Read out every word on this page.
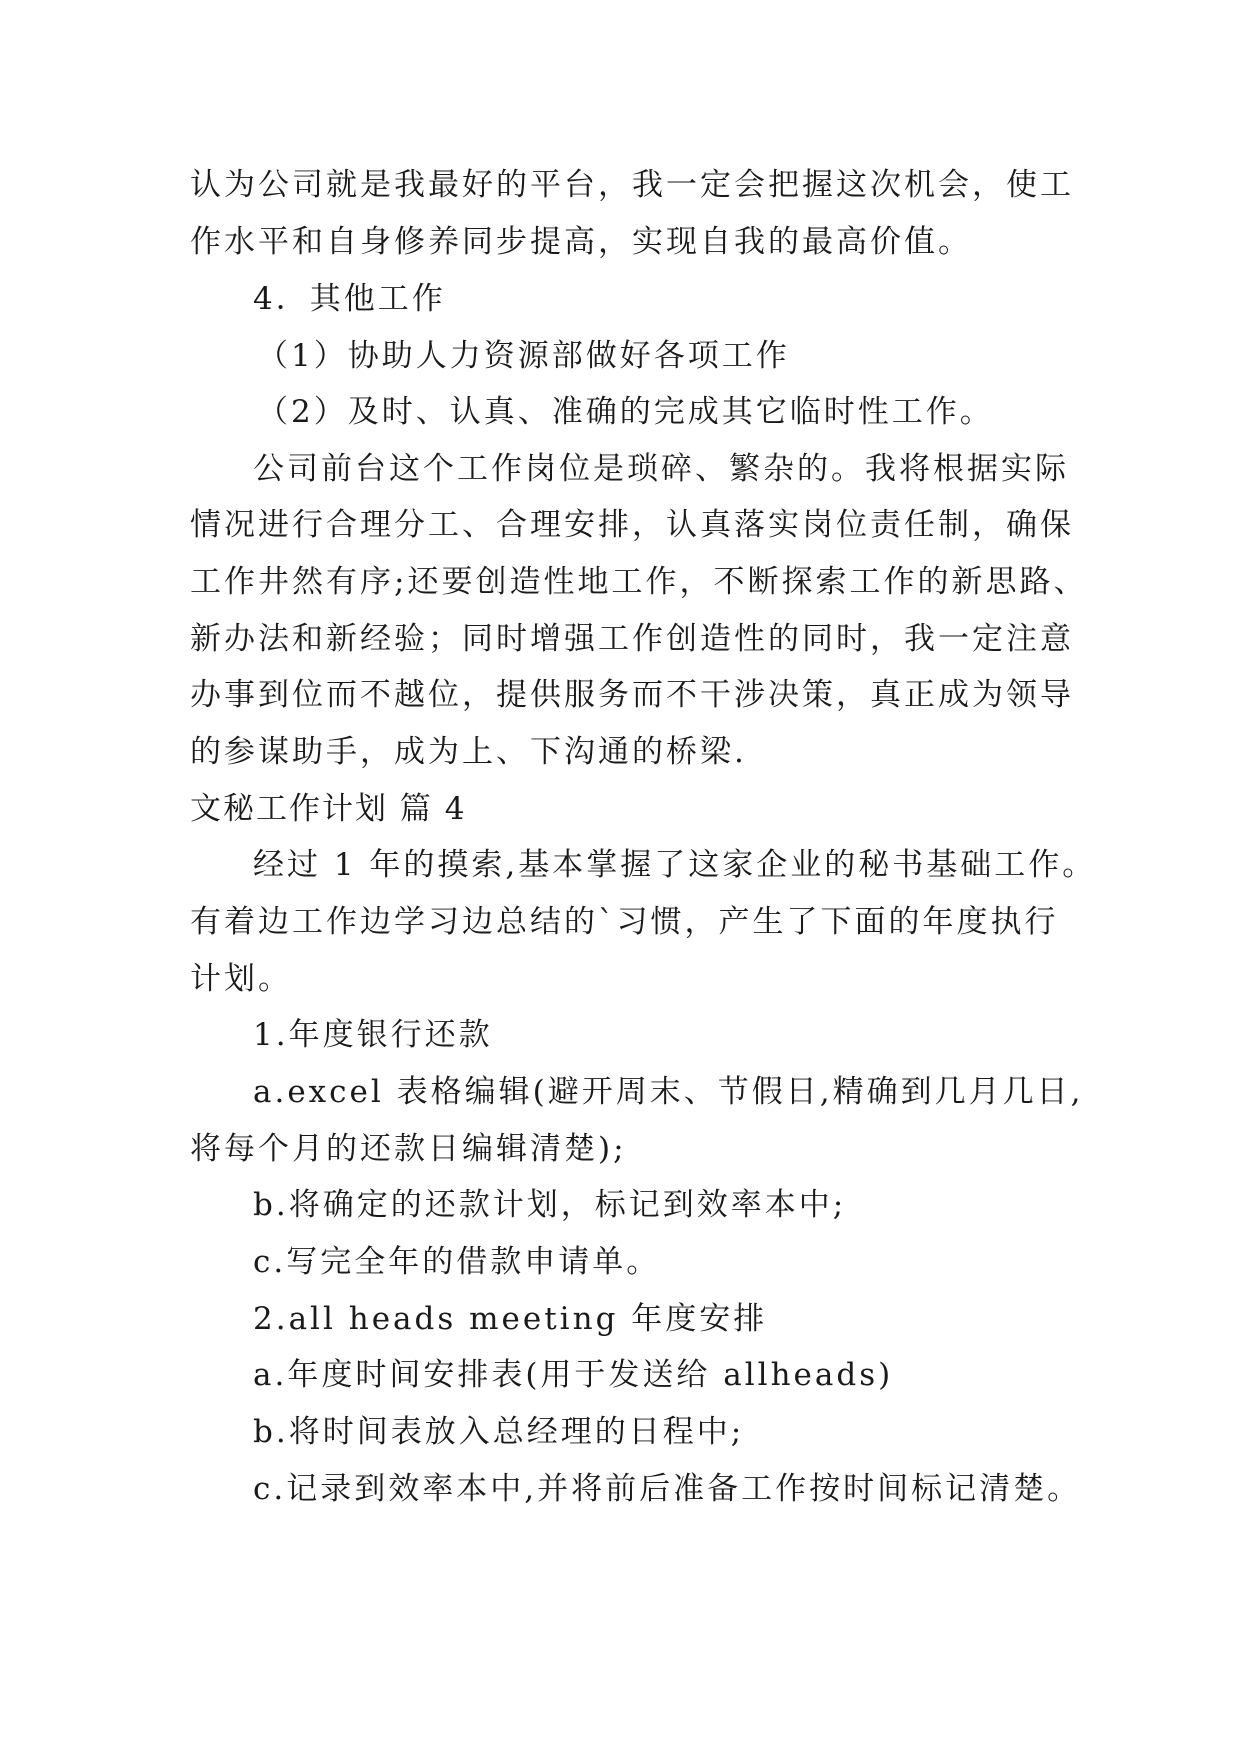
认为公司就是我最好的平台，我一定会把握这次机会，使工
作水平和自身修养同步提高，实现自我的最高价值。
4．其他工作
（1）协助人力资源部做好各项工作
（2）及时、认真、准确的完成其它临时性工作。
公司前台这个工作岗位是琐碎、繁杂的。我将根据实际
情况进行合理分工、合理安排，认真落实岗位责任制，确保
工作井然有序;还要创造性地工作，不断探索工作的新思路、
新办法和新经验；同时增强工作创造性的同时，我一定注意
办事到位而不越位，提供服务而不干涉决策，真正成为领导
的参谋助手，成为上、下沟通的桥梁.
文秘工作计划 篇 4
经过 1 年的摸索,基本掌握了这家企业的秘书基础工作。
有着边工作边学习边总结的`习惯，产生了下面的年度执行
计划。
1.年度银行还款
a.excel 表格编辑(避开周末、节假日,精确到几月几日,
将每个月的还款日编辑清楚);
b.将确定的还款计划，标记到效率本中;
c.写完全年的借款申请单。
2.all heads meeting 年度安排
a.年度时间安排表(用于发送给 allheads)
b.将时间表放入总经理的日程中;
c.记录到效率本中,并将前后准备工作按时间标记清楚。
